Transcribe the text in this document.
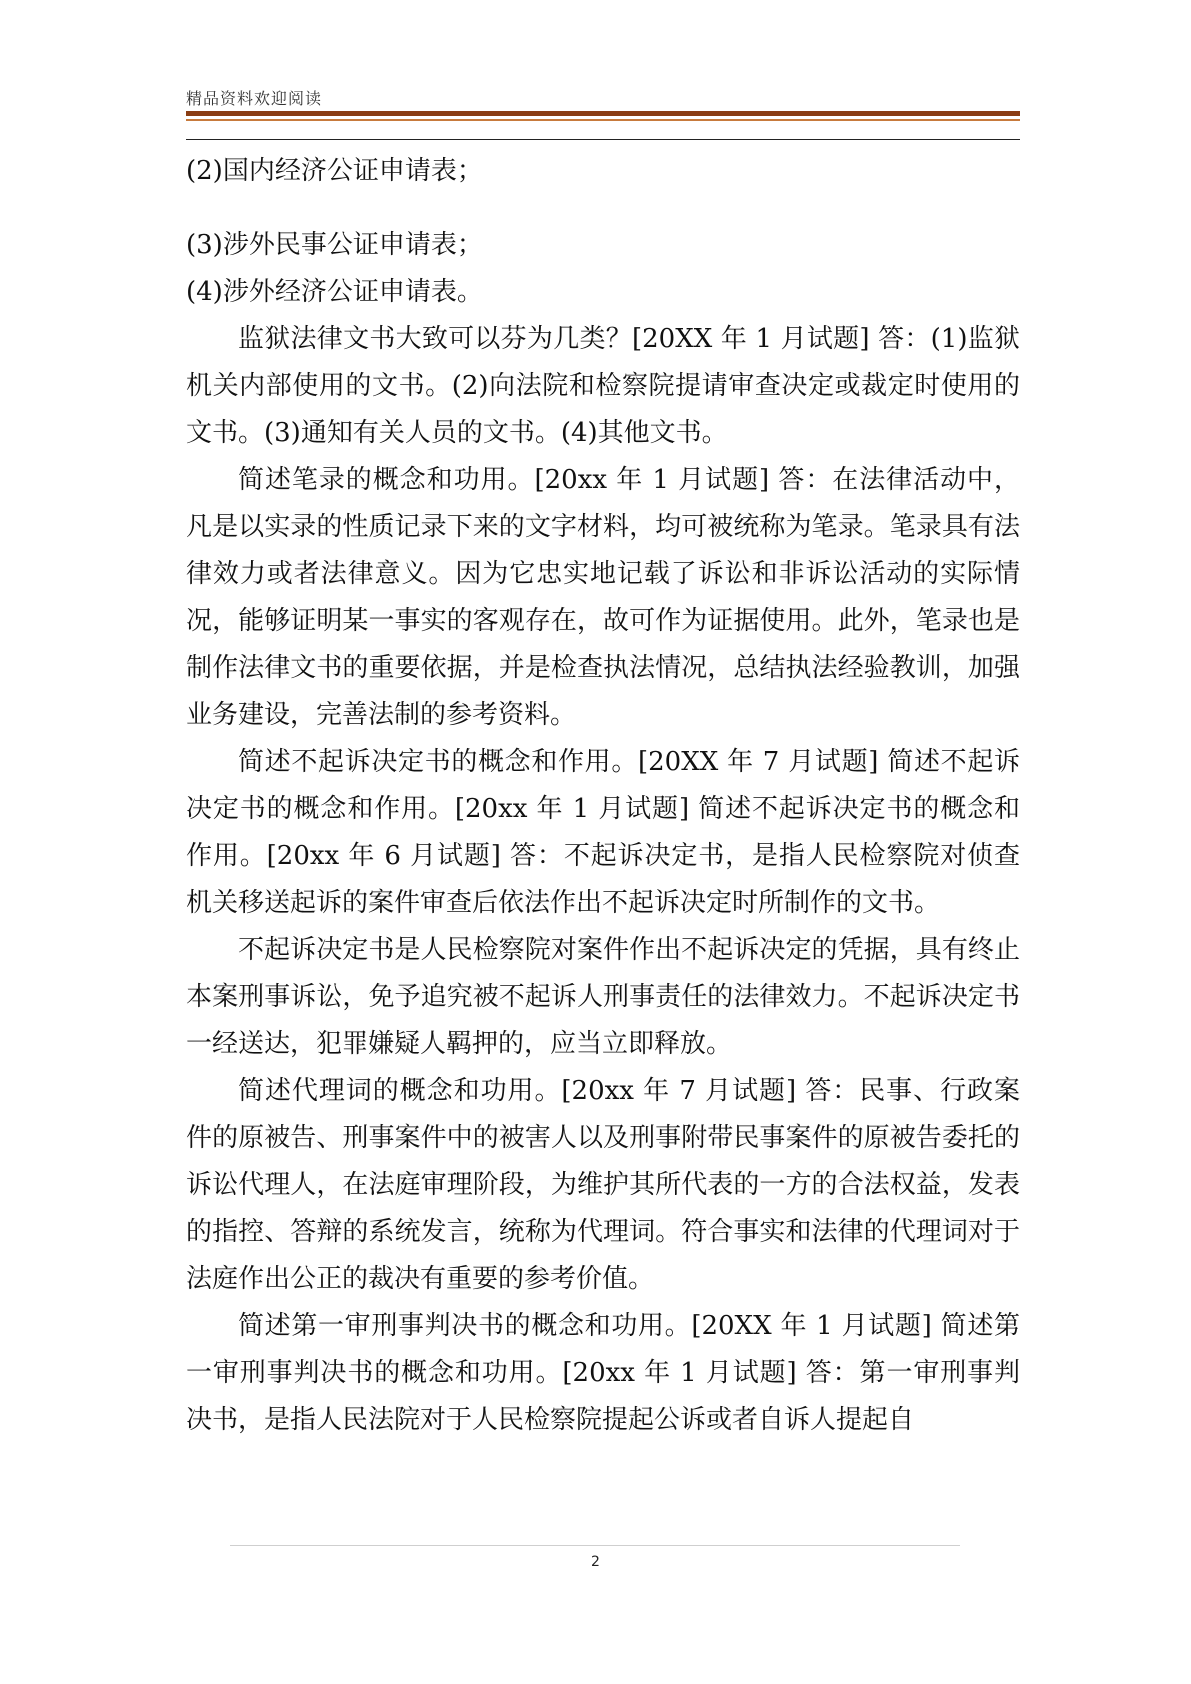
精品资料欢迎阅读

(2)国内经济公证申请表；

(3)涉外民事公证申请表；

(4)涉外经济公证申请表。

监狱法律文书大致可以芬为几类？[20XX 年 1 月试题] 答：(1)监狱机关内部使用的文书。(2)向法院和检察院提请审查决定或裁定时使用的文书。(3)通知有关人员的文书。(4)其他文书。

简述笔录的概念和功用。[20xx 年 1 月试题] 答：在法律活动中，凡是以实录的性质记录下来的文字材料，均可被统称为笔录。笔录具有法律效力或者法律意义。因为它忠实地记载了诉讼和非诉讼活动的实际情况，能够证明某一事实的客观存在，故可作为证据使用。此外，笔录也是制作法律文书的重要依据，并是检查执法情况，总结执法经验教训，加强业务建设，完善法制的参考资料。

简述不起诉决定书的概念和作用。[20XX 年 7 月试题] 简述不起诉决定书的概念和作用。[20xx 年 1 月试题] 简述不起诉决定书的概念和作用。[20xx 年 6 月试题] 答：不起诉决定书，是指人民检察院对侦查机关移送起诉的案件审查后依法作出不起诉决定时所制作的文书。

不起诉决定书是人民检察院对案件作出不起诉决定的凭据，具有终止本案刑事诉讼，免予追究被不起诉人刑事责任的法律效力。不起诉决定书一经送达，犯罪嫌疑人羁押的，应当立即释放。

简述代理词的概念和功用。[20xx 年 7 月试题] 答：民事、行政案件的原被告、刑事案件中的被害人以及刑事附带民事案件的原被告委托的诉讼代理人，在法庭审理阶段，为维护其所代表的一方的合法权益，发表的指控、答辩的系统发言，统称为代理词。符合事实和法律的代理词对于法庭作出公正的裁决有重要的参考价值。

简述第一审刑事判决书的概念和功用。[20XX 年 1 月试题] 简述第一审刑事判决书的概念和功用。[20xx 年 1 月试题] 答：第一审刑事判决书，是指人民法院对于人民检察院提起公诉或者自诉人提起自

2
